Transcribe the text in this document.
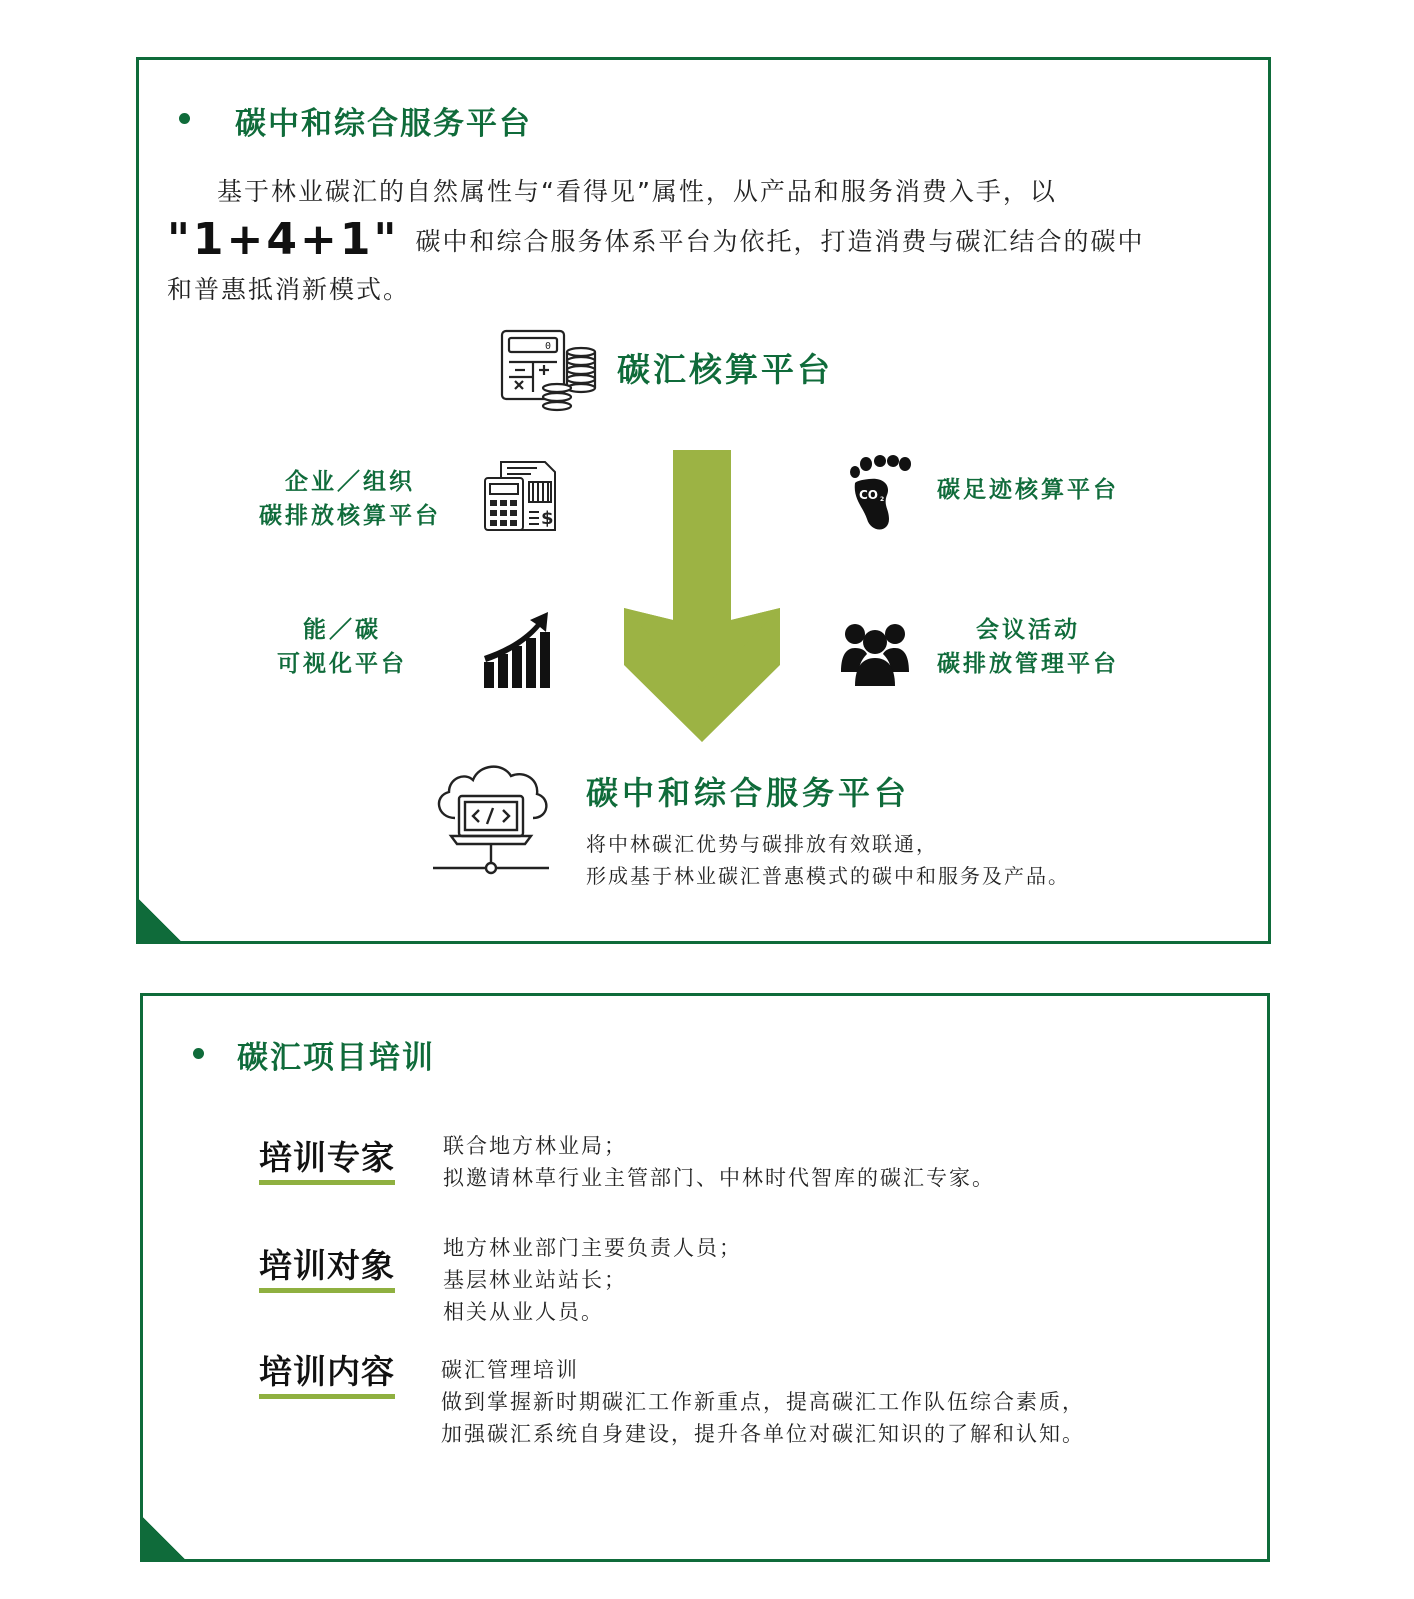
碳中和综合服务平台
基于林业碳汇的自然属性与“看得见”属性，从产品和服务消费入手，以
"1+4+1" 碳中和综合服务体系平台为依托，打造消费与碳汇结合的碳中
和普惠抵消新模式。
0
碳汇核算平台
企业／组织
碳排放核算平台	$
CO 2 碳足迹核算平台
能／碳
可视化平台
会议活动
碳排放管理平台
碳中和综合服务平台
将中林碳汇优势与碳排放有效联通，
形成基于林业碳汇普惠模式的碳中和服务及产品。
碳汇项目培训
培训专家 联合地方林业局；
拟邀请林草行业主管部门、中林时代智库的碳汇专家。
培训对象 地方林业部门主要负责人员；
基层林业站站长；
相关从业人员。
培训内容 碳汇管理培训
做到掌握新时期碳汇工作新重点，提高碳汇工作队伍综合素质，
加强碳汇系统自身建设，提升各单位对碳汇知识的了解和认知。
